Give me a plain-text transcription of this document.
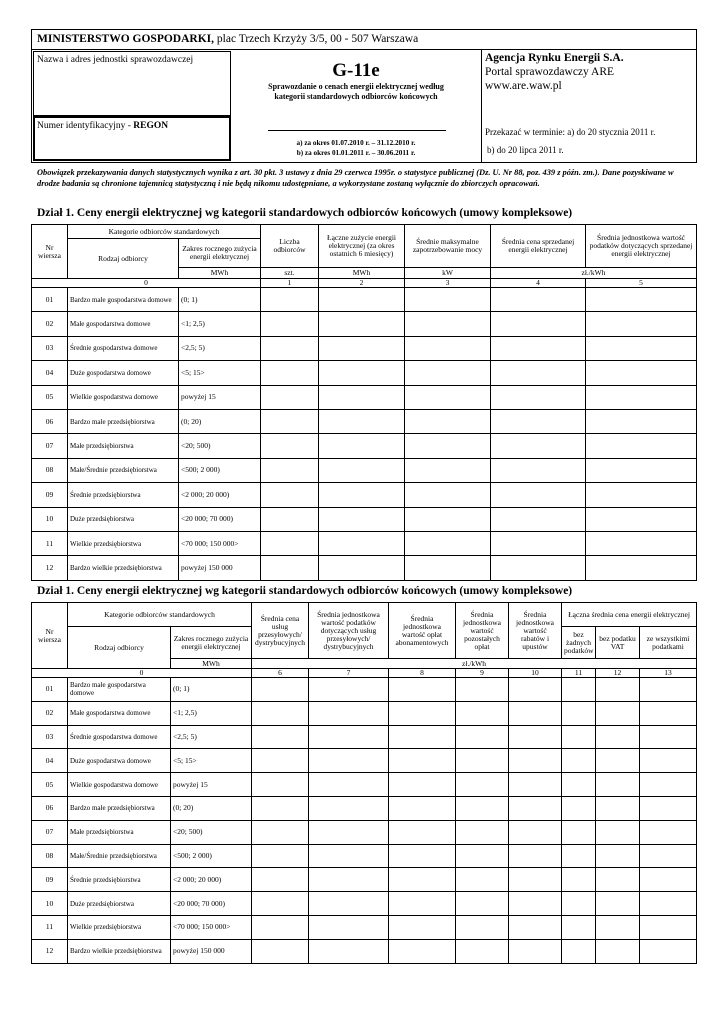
MINISTERSTWO GOSPODARKI, plac Trzech Krzyży 3/5, 00 - 507 Warszawa
Nazwa i adres jednostki sprawozdawczej
Numer identyfikacyjny - REGON
G-11e
Sprawozdanie o cenach energii elektrycznej według kategorii standardowych odbiorców końcowych
a) za okres 01.07.2010 r. – 31.12.2010 r.
b) za okres 01.01.2011 r. – 30.06.2011 r.
Agencja Rynku Energii S.A.
Portal sprawozdawczy ARE
www.are.waw.pl
Przekazać w terminie: a) do 20 stycznia 2011 r.
b) do 20 lipca 2011 r.
Obowiązek przekazywania danych statystycznych wynika z art. 30 pkt. 3 ustawy z dnia 29 czerwca 1995r. o statystyce publicznej (Dz. U. Nr 88, poz. 439 z późn. zm.). Dane pozyskiwane w drodze badania są chronione tajemnicą statystyczną i nie będą nikomu udostępniane, a wykorzystane zostaną wyłącznie do zbiorczych opracowań.
Dział 1. Ceny energii elektrycznej wg kategorii standardowych odbiorców końcowych (umowy kompleksowe)
Nr wiersza	Kategorie odbiorców standardowych		Liczba odbiorców	Łączne zużycie energii elektrycznej (za okres ostatnich 6 miesięcy)	Średnie maksymalne zapotrzebowanie mocy	Średnia cena sprzedanej energii elektrycznej	Średnia jednostkowa wartość podatków dotyczących sprzedanej energii elektrycznej
	Rodzaj odbiorcy	Zakres rocznego zużycia energii elektrycznej					
		MWh	szt.	MWh	kW	zł./kWh	
0			1	2	3	4	5
01	Bardzo małe gospodarstwa domowe	(0; 1)					
02	Małe gospodarstwa domowe	<1; 2,5)					
03	Średnie gospodarstwa domowe	<2,5; 5)					
04	Duże gospodarstwa domowe	<5; 15>					
05	Wielkie gospodarstwa domowe	powyżej 15					
06	Bardzo małe przedsiębiorstwa	(0; 20)					
07	Małe przedsiębiorstwa	<20; 500)					
08	Małe/Średnie przedsiębiorstwa	<500; 2 000)					
09	Średnie przedsiębiorstwa	<2 000; 20 000)					
10	Duże przedsiębiorstwa	<20 000; 70 000)					
11	Wielkie przedsiębiorstwa	<70 000; 150 000>					
12	Bardzo wielkie przedsiębiorstwa	powyżej 150 000					
Dział 1. Ceny energii elektrycznej wg kategorii standardowych odbiorców końcowych (umowy kompleksowe)
Nr wiersza	Kategorie odbiorców standardowych		Średnia cena usług przesyłowych/ dystrybucyjnych	Średnia jednostkowa wartość podatków dotyczących usług przesyłowych/ dystrybucyjnych	Średnia jednostkowa wartość opłat abonamentowych	Średnia jednostkowa wartość pozostałych opłat	Średnia jednostkowa wartość rabatów i upustów	Łączna średnia cena energii elektrycznej		
	Rodzaj odbiorcy	Zakres rocznego zużycia energii elektrycznej						bez żadnych podatków	bez podatku VAT	ze wszystkimi podatkami
		MWh	zł./kWh							
0			6	7	8	9	10	11	12	13
01	Bardzo małe gospodarstwa domowe	(0; 1)								
02	Małe gospodarstwa domowe	<1; 2,5)								
03	Średnie gospodarstwa domowe	<2,5; 5)								
04	Duże gospodarstwa domowe	<5; 15>								
05	Wielkie gospodarstwa domowe	powyżej 15								
06	Bardzo małe przedsiębiorstwa	(0; 20)								
07	Małe przedsiębiorstwa	<20; 500)								
08	Małe/Średnie przedsiębiorstwa	<500; 2 000)								
09	Średnie przedsiębiorstwa	<2 000; 20 000)								
10	Duże przedsiębiorstwa	<20 000; 70 000)								
11	Wielkie przedsiębiorstwa	<70 000; 150 000>								
12	Bardzo wielkie przedsiębiorstwa	powyżej 150 000								
